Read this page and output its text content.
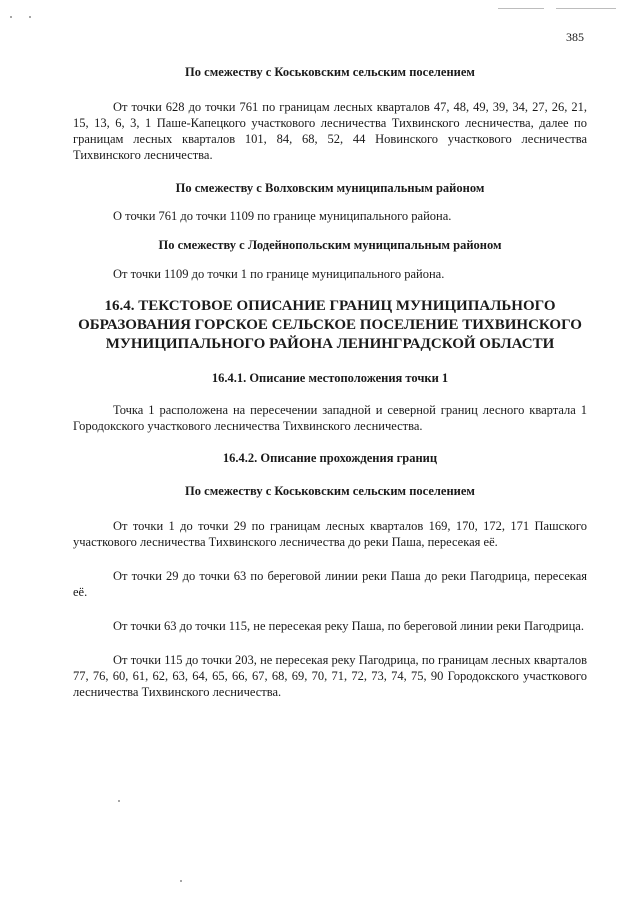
385

По смежеству с Коськовским сельским поселением

От точки 628 до точки 761 по границам лесных кварталов 47, 48, 49, 39, 34, 27, 26, 21, 15, 13, 6, 3, 1 Паше-Капецкого участкового лесничества Тихвинского лесничества, далее по границам лесных кварталов 101, 84, 68, 52, 44 Новинского участкового лесничества Тихвинского лесничества.

По смежеству с Волховским муниципальным районом

О точки 761 до точки 1109 по границе муниципального района.

По смежеству с Лодейнопольским муниципальным районом

От точки 1109 до точки 1 по границе муниципального района.

16.4. ТЕКСТОВОЕ ОПИСАНИЕ ГРАНИЦ МУНИЦИПАЛЬНОГО ОБРАЗОВАНИЯ ГОРСКОЕ СЕЛЬСКОЕ ПОСЕЛЕНИЕ ТИХВИНСКОГО МУНИЦИПАЛЬНОГО РАЙОНА ЛЕНИНГРАДСКОЙ ОБЛАСТИ

16.4.1. Описание местоположения точки 1

Точка 1 расположена на пересечении западной и северной границ лесного квартала 1 Городокского участкового лесничества Тихвинского лесничества.

16.4.2. Описание прохождения границ

По смежеству с Коськовским сельским поселением

От точки 1 до точки 29 по границам лесных кварталов 169, 170, 172, 171 Пашского участкового лесничества Тихвинского лесничества до реки Паша, пересекая её.

От точки 29 до точки 63 по береговой линии реки Паша до реки Пагодрица, пересекая её.

От точки 63 до точки 115, не пересекая реку Паша, по береговой линии реки Пагодрица.

От точки 115 до точки 203, не пересекая реку Пагодрица, по границам лесных кварталов 77, 76, 60, 61, 62, 63, 64, 65, 66, 67, 68, 69, 70, 71, 72, 73, 74, 75, 90 Городокского участкового лесничества Тихвинского лесничества.
